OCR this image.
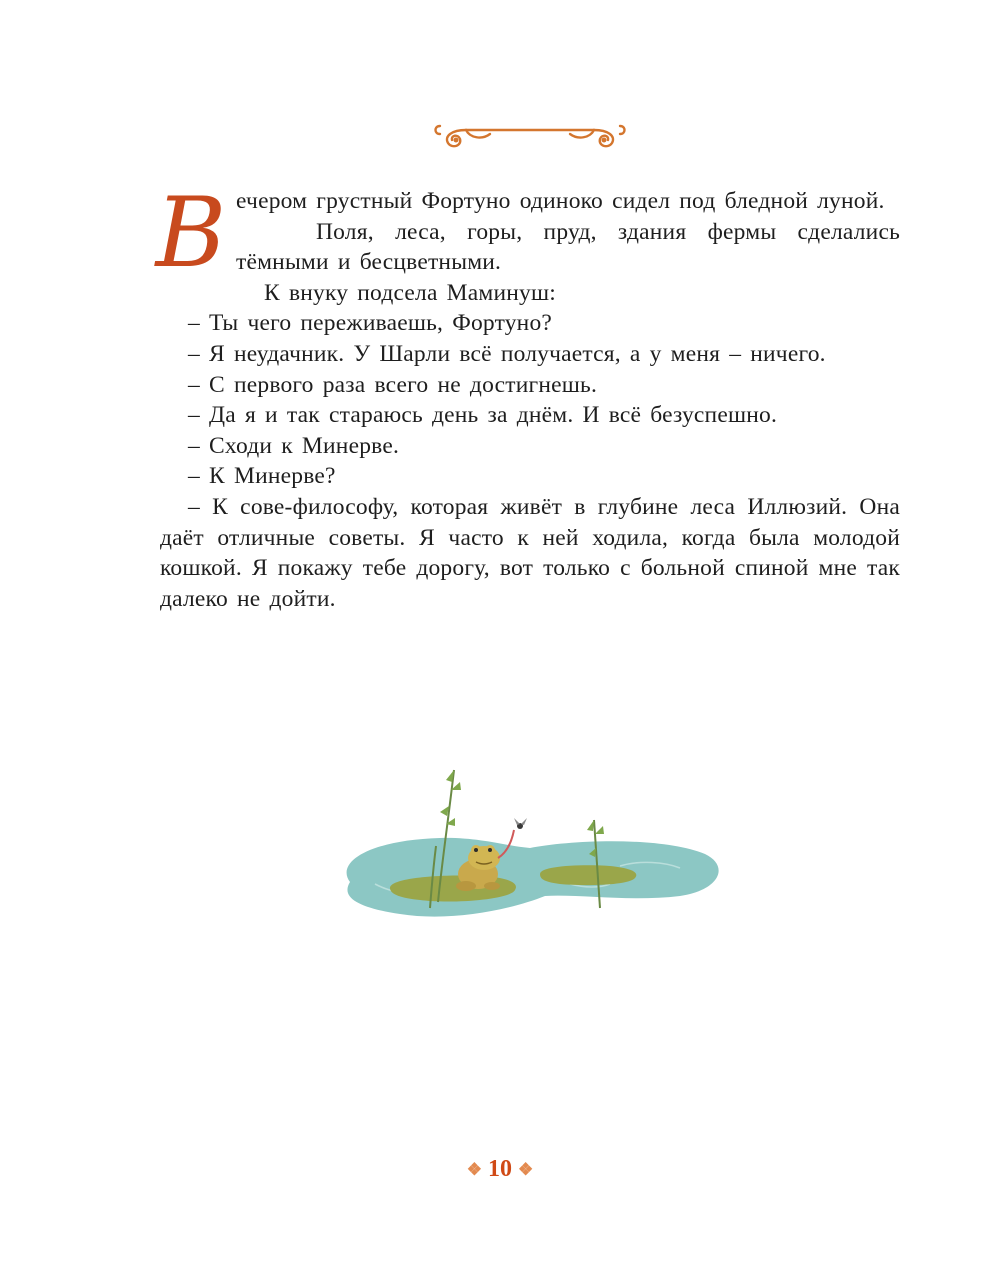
Вечером грустный Фортуно одиноко сидел под бледной луной.

Поля, леса, горы, пруд, здания фермы сделались тёмными и бесцветными.

К внуку подсела Маминуш:

– Ты чего переживаешь, Фортуно?

– Я неудачник. У Шарли всё получается, а у меня – ничего.

– С первого раза всего не достигнешь.

– Да я и так стараюсь день за днём. И всё безуспешно.

– Сходи к Минерве.

– К Минерве?

– К сове-философу, которая живёт в глубине леса Иллюзий. Она даёт отличные советы. Я часто к ней ходила, когда была молодой кошкой. Я покажу тебе дорогу, вот только с больной спиной мне так далеко не дойти.

❖ 10 ❖
